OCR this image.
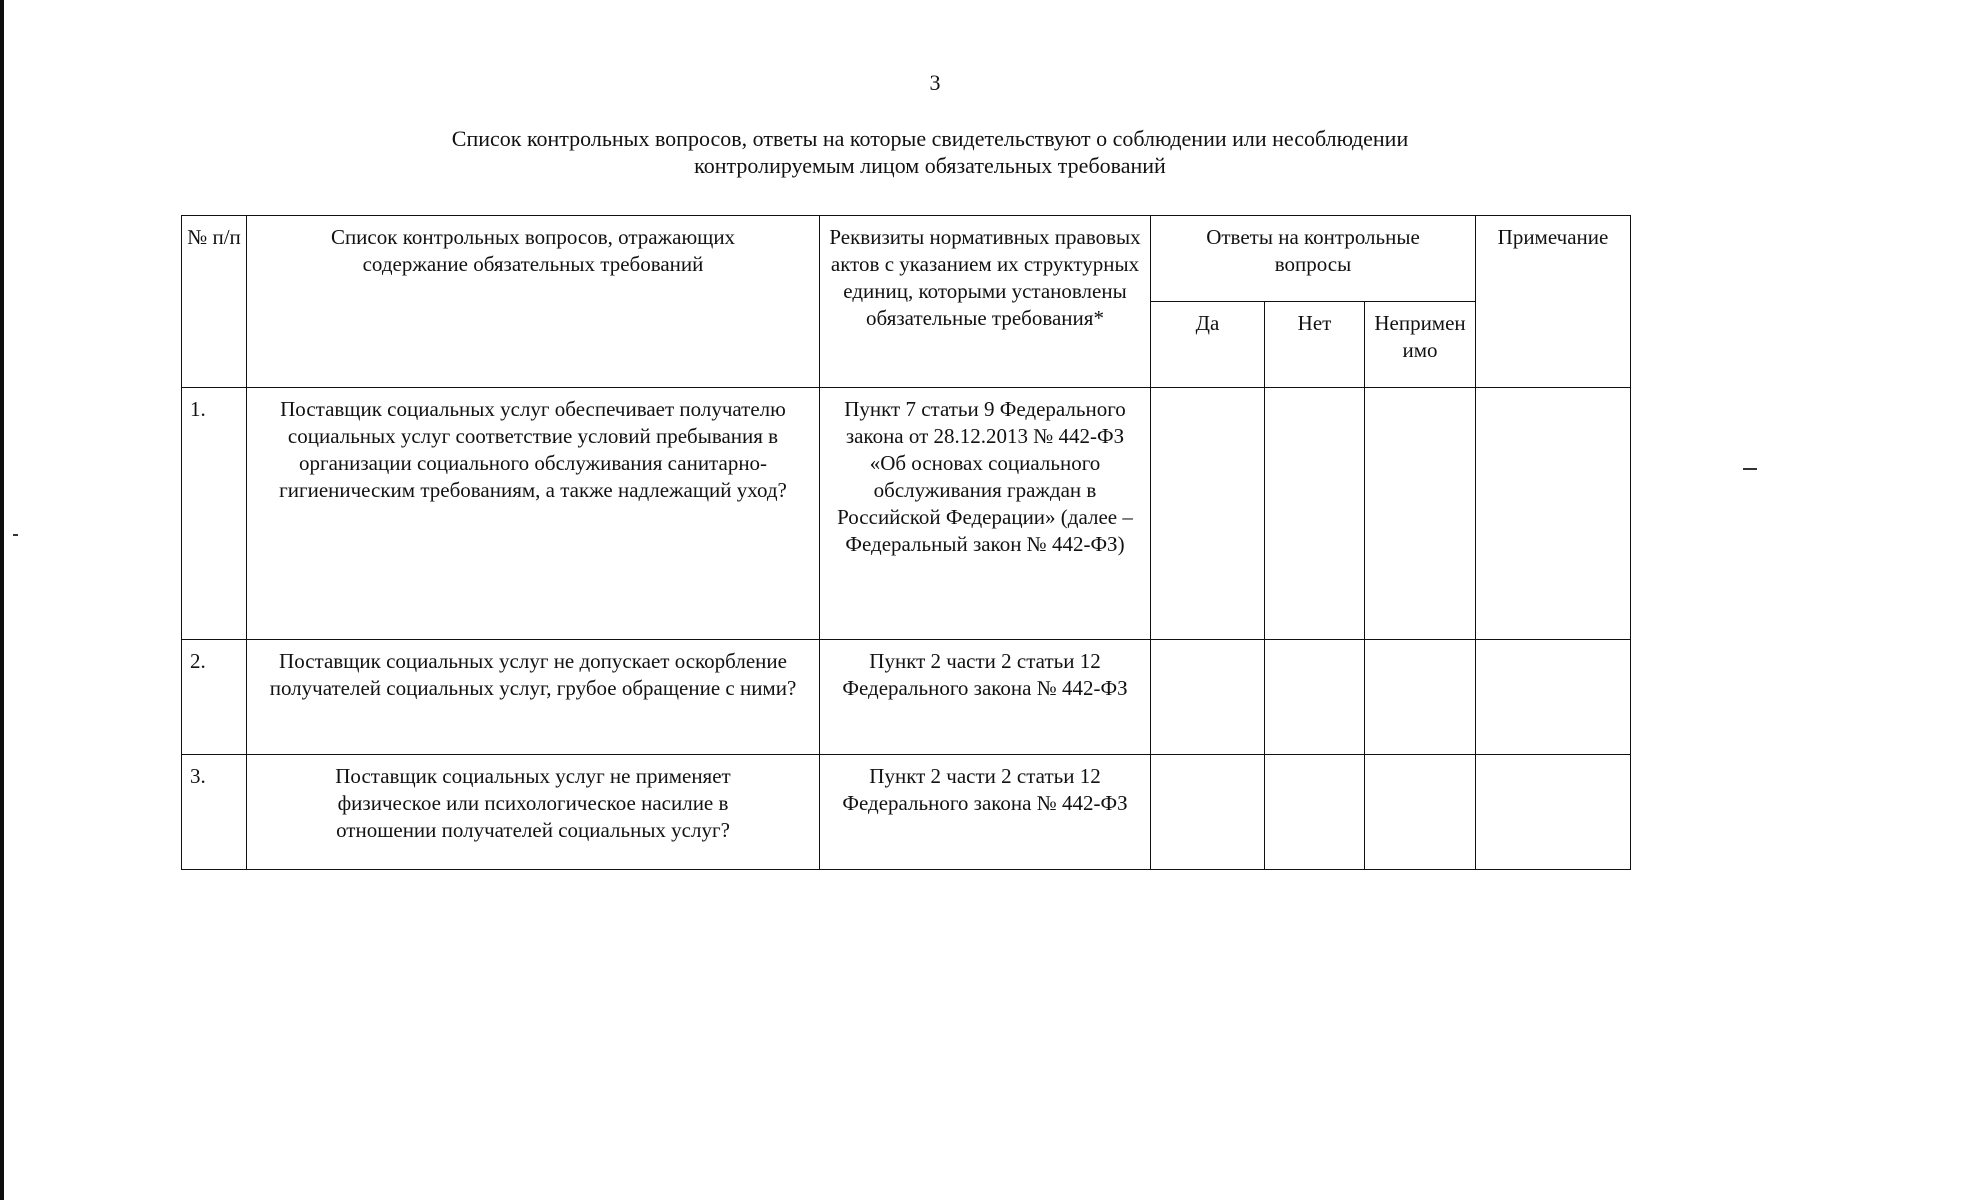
3
Список контрольных вопросов, ответы на которые свидетельствуют о соблюдении или несоблюдении
контролируемым лицом обязательных требований
№ п/п	Список контрольных вопросов, отражающих содержание обязательных требований	Реквизиты нормативных правовых актов с указанием их структурных единиц, которыми установлены обязательные требования*	Ответы на контрольные вопросы			Примечание
			Да	Нет	Неприменимо	
1.	Поставщик социальных услуг обеспечивает получателю социальных услуг соответствие условий пребывания в организации социального обслуживания санитарно-гигиеническим требованиям, а также надлежащий уход?	Пункт 7 статьи 9 Федерального закона от 28.12.2013 № 442-ФЗ «Об основах социального обслуживания граждан в Российской Федерации» (далее – Федеральный закон № 442-ФЗ)				
2.	Поставщик социальных услуг не допускает оскорбление получателей социальных услуг, грубое обращение с ними?	Пункт 2 части 2 статьи 12 Федерального закона № 442-ФЗ				
3.	Поставщик социальных услуг не применяет физическое или психологическое насилие в отношении получателей социальных услуг?	Пункт 2 части 2 статьи 12 Федерального закона № 442-ФЗ				
